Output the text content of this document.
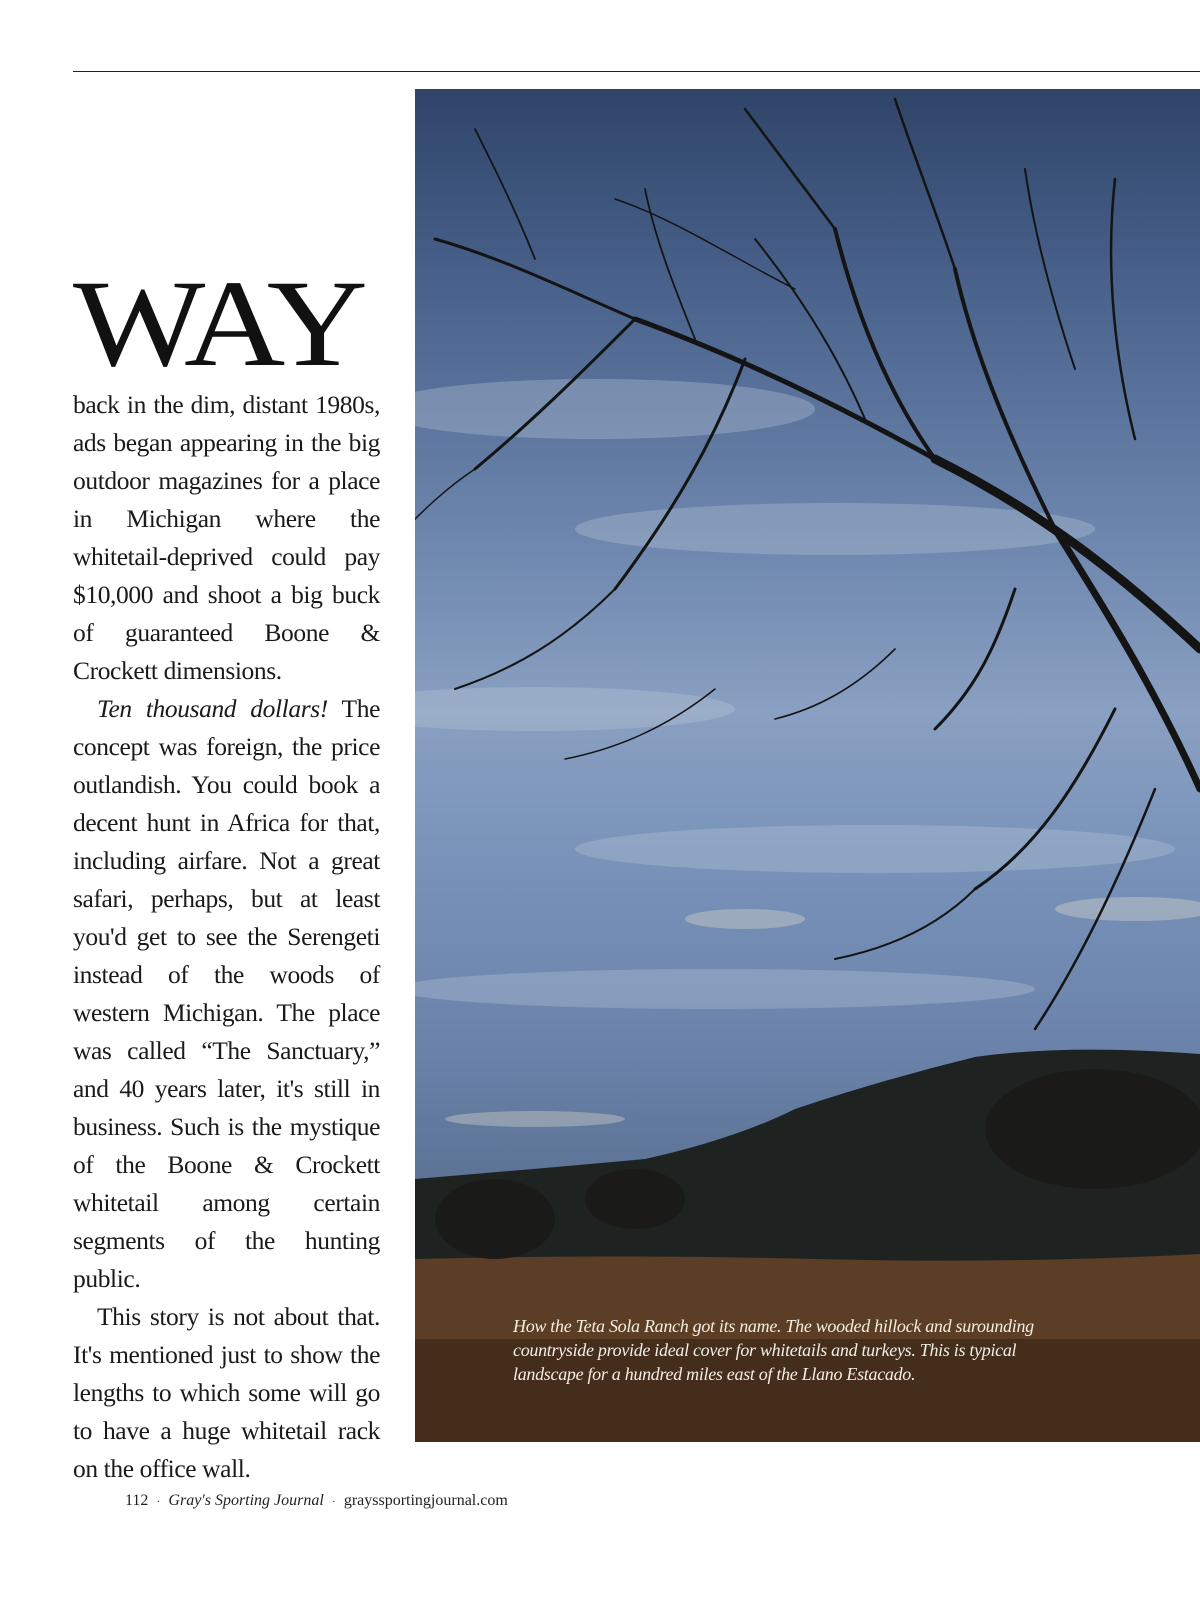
WAY

back in the dim, distant 1980s, ads began appearing in the big outdoor magazines for a place in Michigan where the whitetail-deprived could pay $10,000 and shoot a big buck of guaranteed Boone & Crockett dimensions.

Ten thousand dollars! The concept was foreign, the price outlandish. You could book a decent hunt in Africa for that, including airfare. Not a great safari, perhaps, but at least you'd get to see the Serengeti instead of the woods of western Michigan. The place was called “The Sanctuary,” and 40 years later, it's still in business. Such is the mystique of the Boone & Crockett whitetail among certain segments of the hunting public.

This story is not about that. It's mentioned just to show the lengths to which some will go to have a huge whitetail rack on the office wall.

How the Teta Sola Ranch got its name. The wooded hillock and surounding countryside provide ideal cover for whitetails and turkeys. This is typical landscape for a hundred miles east of the Llano Estacado.
112 · Gray's Sporting Journal · grayssportingjournal.com
